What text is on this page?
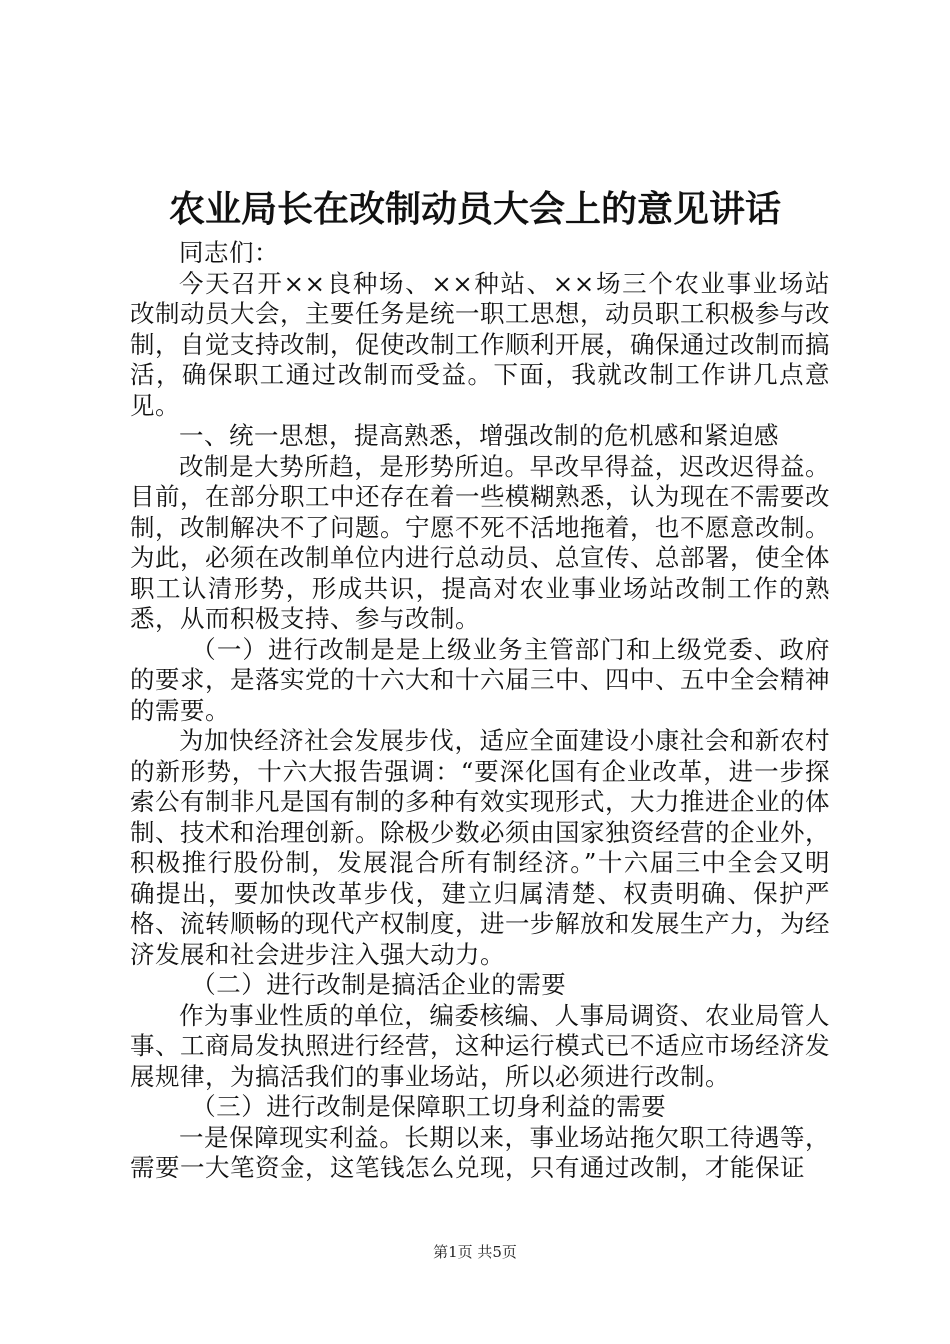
农业局长在改制动员大会上的意见讲话

同志们：

今天召开××良种场、××种站、××场三个农业事业场站改制动员大会，主要任务是统一职工思想，动员职工积极参与改制，自觉支持改制，促使改制工作顺利开展，确保通过改制而搞活，确保职工通过改制而受益。下面，我就改制工作讲几点意见。

一、统一思想，提高熟悉，增强改制的危机感和紧迫感

改制是大势所趋，是形势所迫。早改早得益，迟改迟得益。目前，在部分职工中还存在着一些模糊熟悉，认为现在不需要改制，改制解决不了问题。宁愿不死不活地拖着，也不愿意改制。为此，必须在改制单位内进行总动员、总宣传、总部署，使全体职工认清形势，形成共识，提高对农业事业场站改制工作的熟悉，从而积极支持、参与改制。

（一）进行改制是是上级业务主管部门和上级党委、政府的要求，是落实党的十六大和十六届三中、四中、五中全会精神的需要。

为加快经济社会发展步伐，适应全面建设小康社会和新农村的新形势，十六大报告强调：“要深化国有企业改革，进一步探索公有制非凡是国有制的多种有效实现形式，大力推进企业的体制、技术和治理创新。除极少数必须由国家独资经营的企业外，积极推行股份制，发展混合所有制经济。”十六届三中全会又明确提出，要加快改革步伐，建立归属清楚、权责明确、保护严格、流转顺畅的现代产权制度，进一步解放和发展生产力，为经济发展和社会进步注入强大动力。

（二）进行改制是搞活企业的需要

作为事业性质的单位，编委核编、人事局调资、农业局管人事、工商局发执照进行经营，这种运行模式已不适应市场经济发展规律，为搞活我们的事业场站，所以必须进行改制。

（三）进行改制是保障职工切身利益的需要

一是保障现实利益。长期以来，事业场站拖欠职工待遇等，需要一大笔资金，这笔钱怎么兑现，只有通过改制，才能保证

第1页 共5页
